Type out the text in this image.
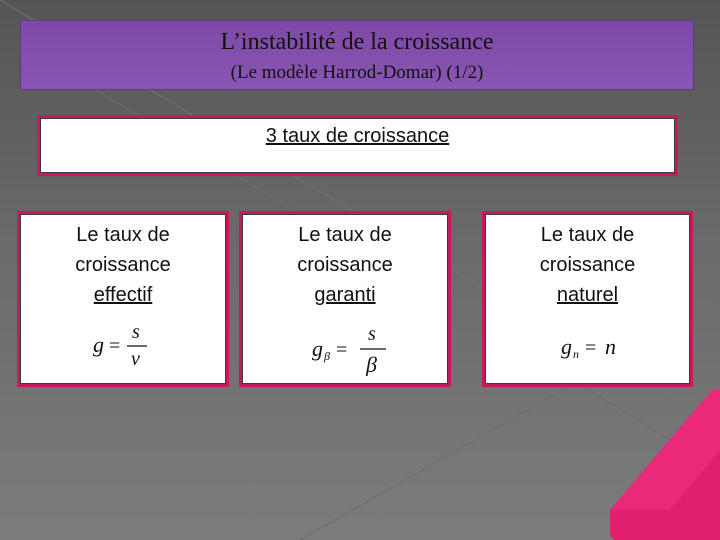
L’instabilité de la croissance
(Le modèle Harrod-Domar) (1/2)
3 taux de croissance
Le taux de
croissance
effectif
g =
s
v
Le taux de
croissance
garanti
g β =
s
β
Le taux de
croissance
naturel
g n = n
